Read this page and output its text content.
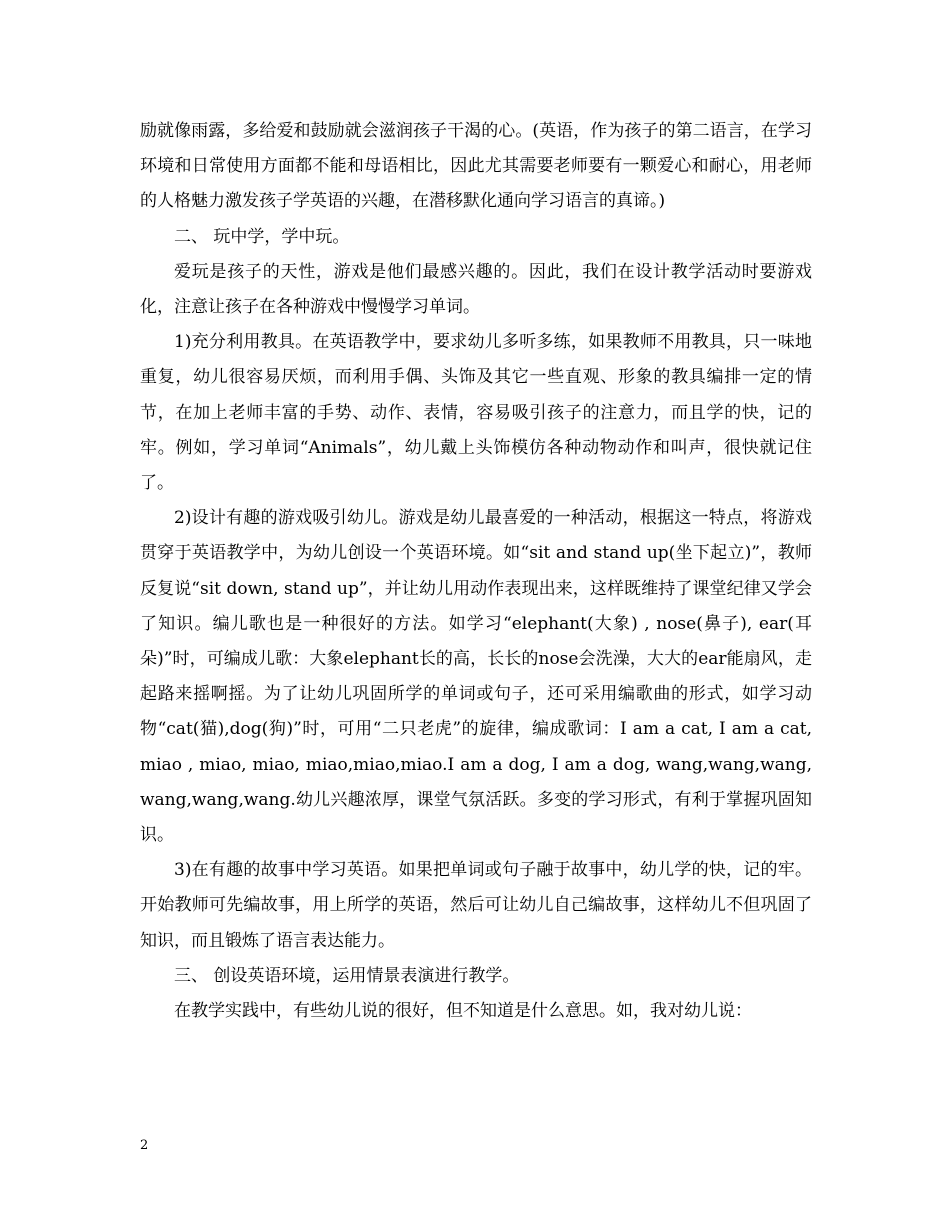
励就像雨露，多给爱和鼓励就会滋润孩子干渴的心。(英语，作为孩子的第二语言，在学习环境和日常使用方面都不能和母语相比，因此尤其需要老师要有一颗爱心和耐心，用老师的人格魅力激发孩子学英语的兴趣，在潜移默化通向学习语言的真谛。)

二、 玩中学，学中玩。

爱玩是孩子的天性，游戏是他们最感兴趣的。因此，我们在设计教学活动时要游戏化，注意让孩子在各种游戏中慢慢学习单词。

1)充分利用教具。在英语教学中，要求幼儿多听多练，如果教师不用教具，只一味地重复，幼儿很容易厌烦，而利用手偶、头饰及其它一些直观、形象的教具编排一定的情节，在加上老师丰富的手势、动作、表情，容易吸引孩子的注意力，而且学的快，记的牢。例如，学习单词“Animals”，幼儿戴上头饰模仿各种动物动作和叫声，很快就记住了。

2)设计有趣的游戏吸引幼儿。游戏是幼儿最喜爱的一种活动，根据这一特点，将游戏贯穿于英语教学中，为幼儿创设一个英语环境。如“sit and stand up(坐下起立)”，教师反复说“sit down, stand up”，并让幼儿用动作表现出来，这样既维持了课堂纪律又学会了知识。编儿歌也是一种很好的方法。如学习“elephant(大象) , nose(鼻子), ear(耳朵)”时，可编成儿歌：大象elephant长的高，长长的nose会洗澡，大大的ear能扇风，走起路来摇啊摇。为了让幼儿巩固所学的单词或句子，还可采用编歌曲的形式，如学习动物“cat(猫),dog(狗)”时，可用“二只老虎”的旋律，编成歌词：I am a cat, I am a cat, miao , miao, miao, miao,miao,miao.I am a dog, I am a dog, wang,wang,wang,wang,wang,wang.幼儿兴趣浓厚，课堂气氛活跃。多变的学习形式，有利于掌握巩固知识。

3)在有趣的故事中学习英语。如果把单词或句子融于故事中，幼儿学的快，记的牢。开始教师可先编故事，用上所学的英语，然后可让幼儿自己编故事，这样幼儿不但巩固了知识，而且锻炼了语言表达能力。

三、 创设英语环境，运用情景表演进行教学。

在教学实践中，有些幼儿说的很好，但不知道是什么意思。如，我对幼儿说：

2
